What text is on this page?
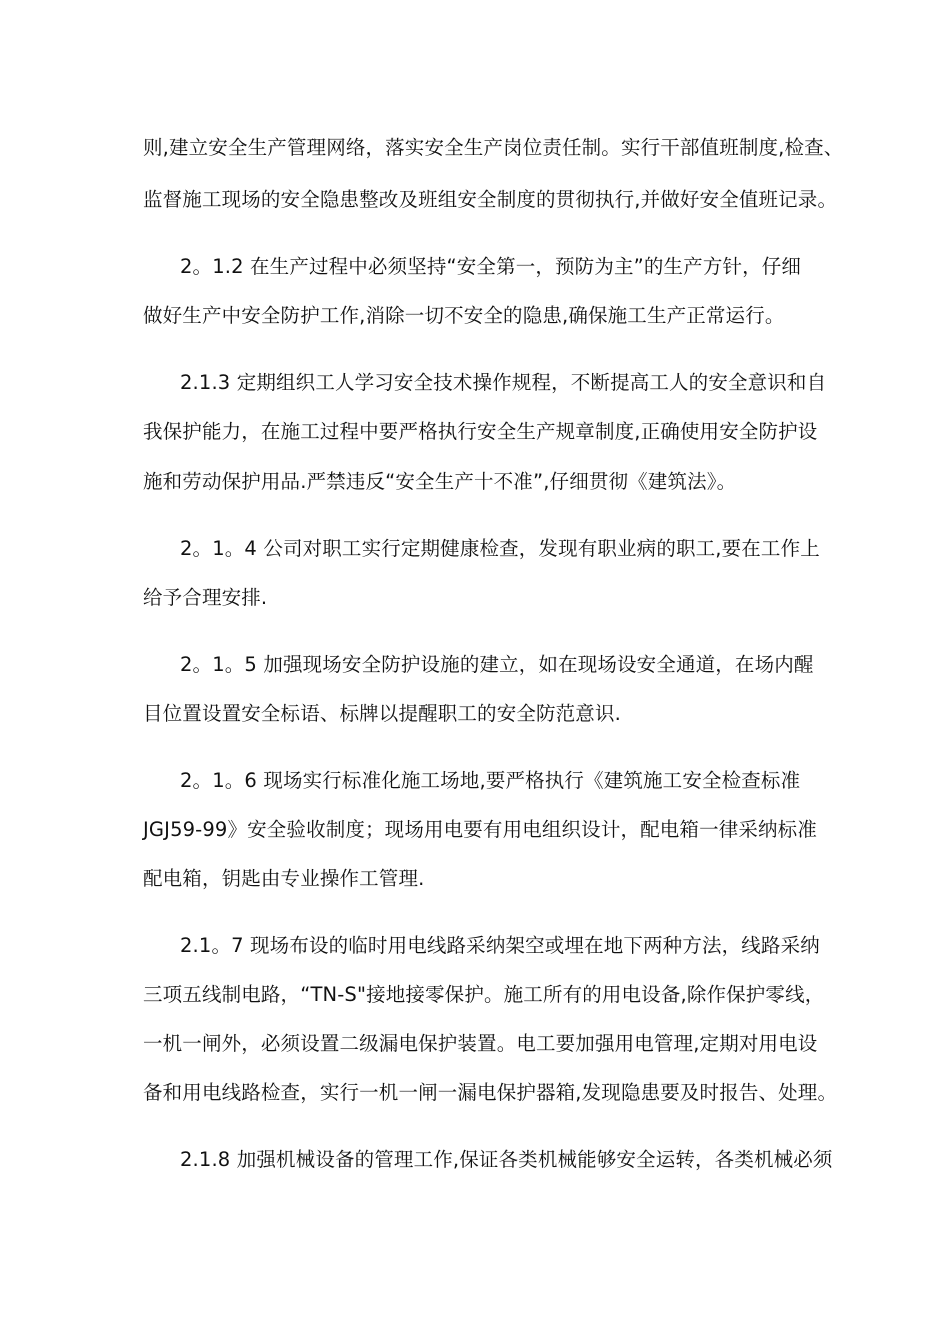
则,建立安全生产管理网络，落实安全生产岗位责任制。实行干部值班制度,检查、
监督施工现场的安全隐患整改及班组安全制度的贯彻执行,并做好安全值班记录。
2。1.2 在生产过程中必须坚持“安全第一，预防为主”的生产方针，仔细
做好生产中安全防护工作,消除一切不安全的隐患,确保施工生产正常运行。
2.1.3 定期组织工人学习安全技术操作规程，不断提高工人的安全意识和自
我保护能力，在施工过程中要严格执行安全生产规章制度,正确使用安全防护设
施和劳动保护用品.严禁违反“安全生产十不准”,仔细贯彻《建筑法》。
2。1。4 公司对职工实行定期健康检查，发现有职业病的职工,要在工作上
给予合理安排.
2。1。5 加强现场安全防护设施的建立，如在现场设安全通道，在场内醒
目位置设置安全标语、标牌以提醒职工的安全防范意识.
2。1。6 现场实行标准化施工场地,要严格执行《建筑施工安全检查标准
JGJ59-99》安全验收制度；现场用电要有用电组织设计，配电箱一律采纳标准
配电箱，钥匙由专业操作工管理.
2.1。7 现场布设的临时用电线路采纳架空或埋在地下两种方法，线路采纳
三项五线制电路，“TN-S"接地接零保护。施工所有的用电设备,除作保护零线，
一机一闸外，必须设置二级漏电保护装置。电工要加强用电管理,定期对用电设
备和用电线路检查，实行一机一闸一漏电保护器箱,发现隐患要及时报告、处理。
2.1.8 加强机械设备的管理工作,保证各类机械能够安全运转，各类机械必须
